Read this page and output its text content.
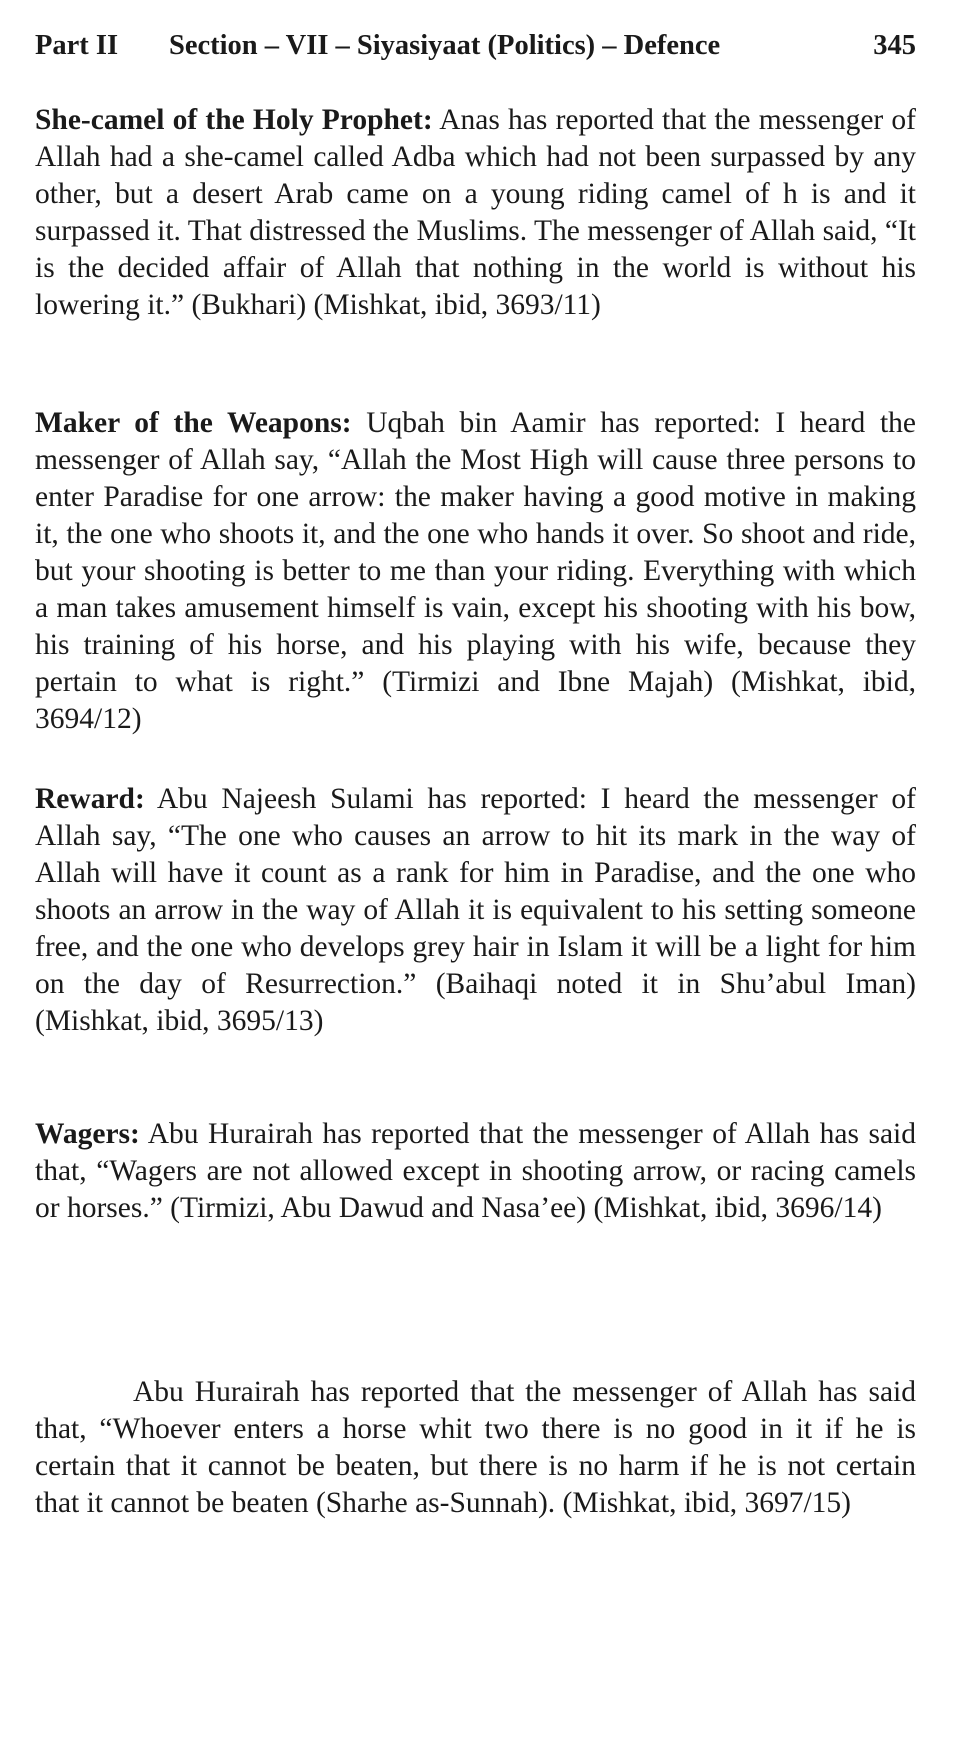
Part II Section – VII – Siyasiyaat (Politics) – Defence	345

She-camel of the Holy Prophet: Anas has reported that the messenger of Allah had a she-camel called Adba which had not been surpassed by any other, but a desert Arab came on a young riding camel of h is and it surpassed it. That distressed the Muslims. The messenger of Allah said, “It is the decided affair of Allah that nothing in the world is without his lowering it.” (Bukhari) (Mishkat, ibid, 3693/11)

Maker of the Weapons: Uqbah bin Aamir has reported: I heard the messenger of Allah say, “Allah the Most High will cause three persons to enter Paradise for one arrow: the maker having a good motive in making it, the one who shoots it, and the one who hands it over. So shoot and ride, but your shooting is better to me than your riding. Everything with which a man takes amusement himself is vain, except his shooting with his bow, his training of his horse, and his playing with his wife, because they pertain to what is right.” (Tirmizi and Ibne Majah) (Mishkat, ibid, 3694/12)

Reward: Abu Najeesh Sulami has reported: I heard the messenger of Allah say, “The one who causes an arrow to hit its mark in the way of Allah will have it count as a rank for him in Paradise, and the one who shoots an arrow in the way of Allah it is equivalent to his setting someone free, and the one who develops grey hair in Islam it will be a light for him on the day of Resurrection.” (Baihaqi noted it in Shu’abul Iman) (Mishkat, ibid, 3695/13)

Wagers: Abu Hurairah has reported that the messenger of Allah has said that, “Wagers are not allowed except in shooting arrow, or racing camels or horses.” (Tirmizi, Abu Dawud and Nasa’ee) (Mishkat, ibid, 3696/14)

Abu Hurairah has reported that the messenger of Allah has said that, “Whoever enters a horse whit two there is no good in it if he is certain that it cannot be beaten, but there is no harm if he is not certain that it cannot be beaten (Sharhe as-Sunnah). (Mishkat, ibid, 3697/15)
